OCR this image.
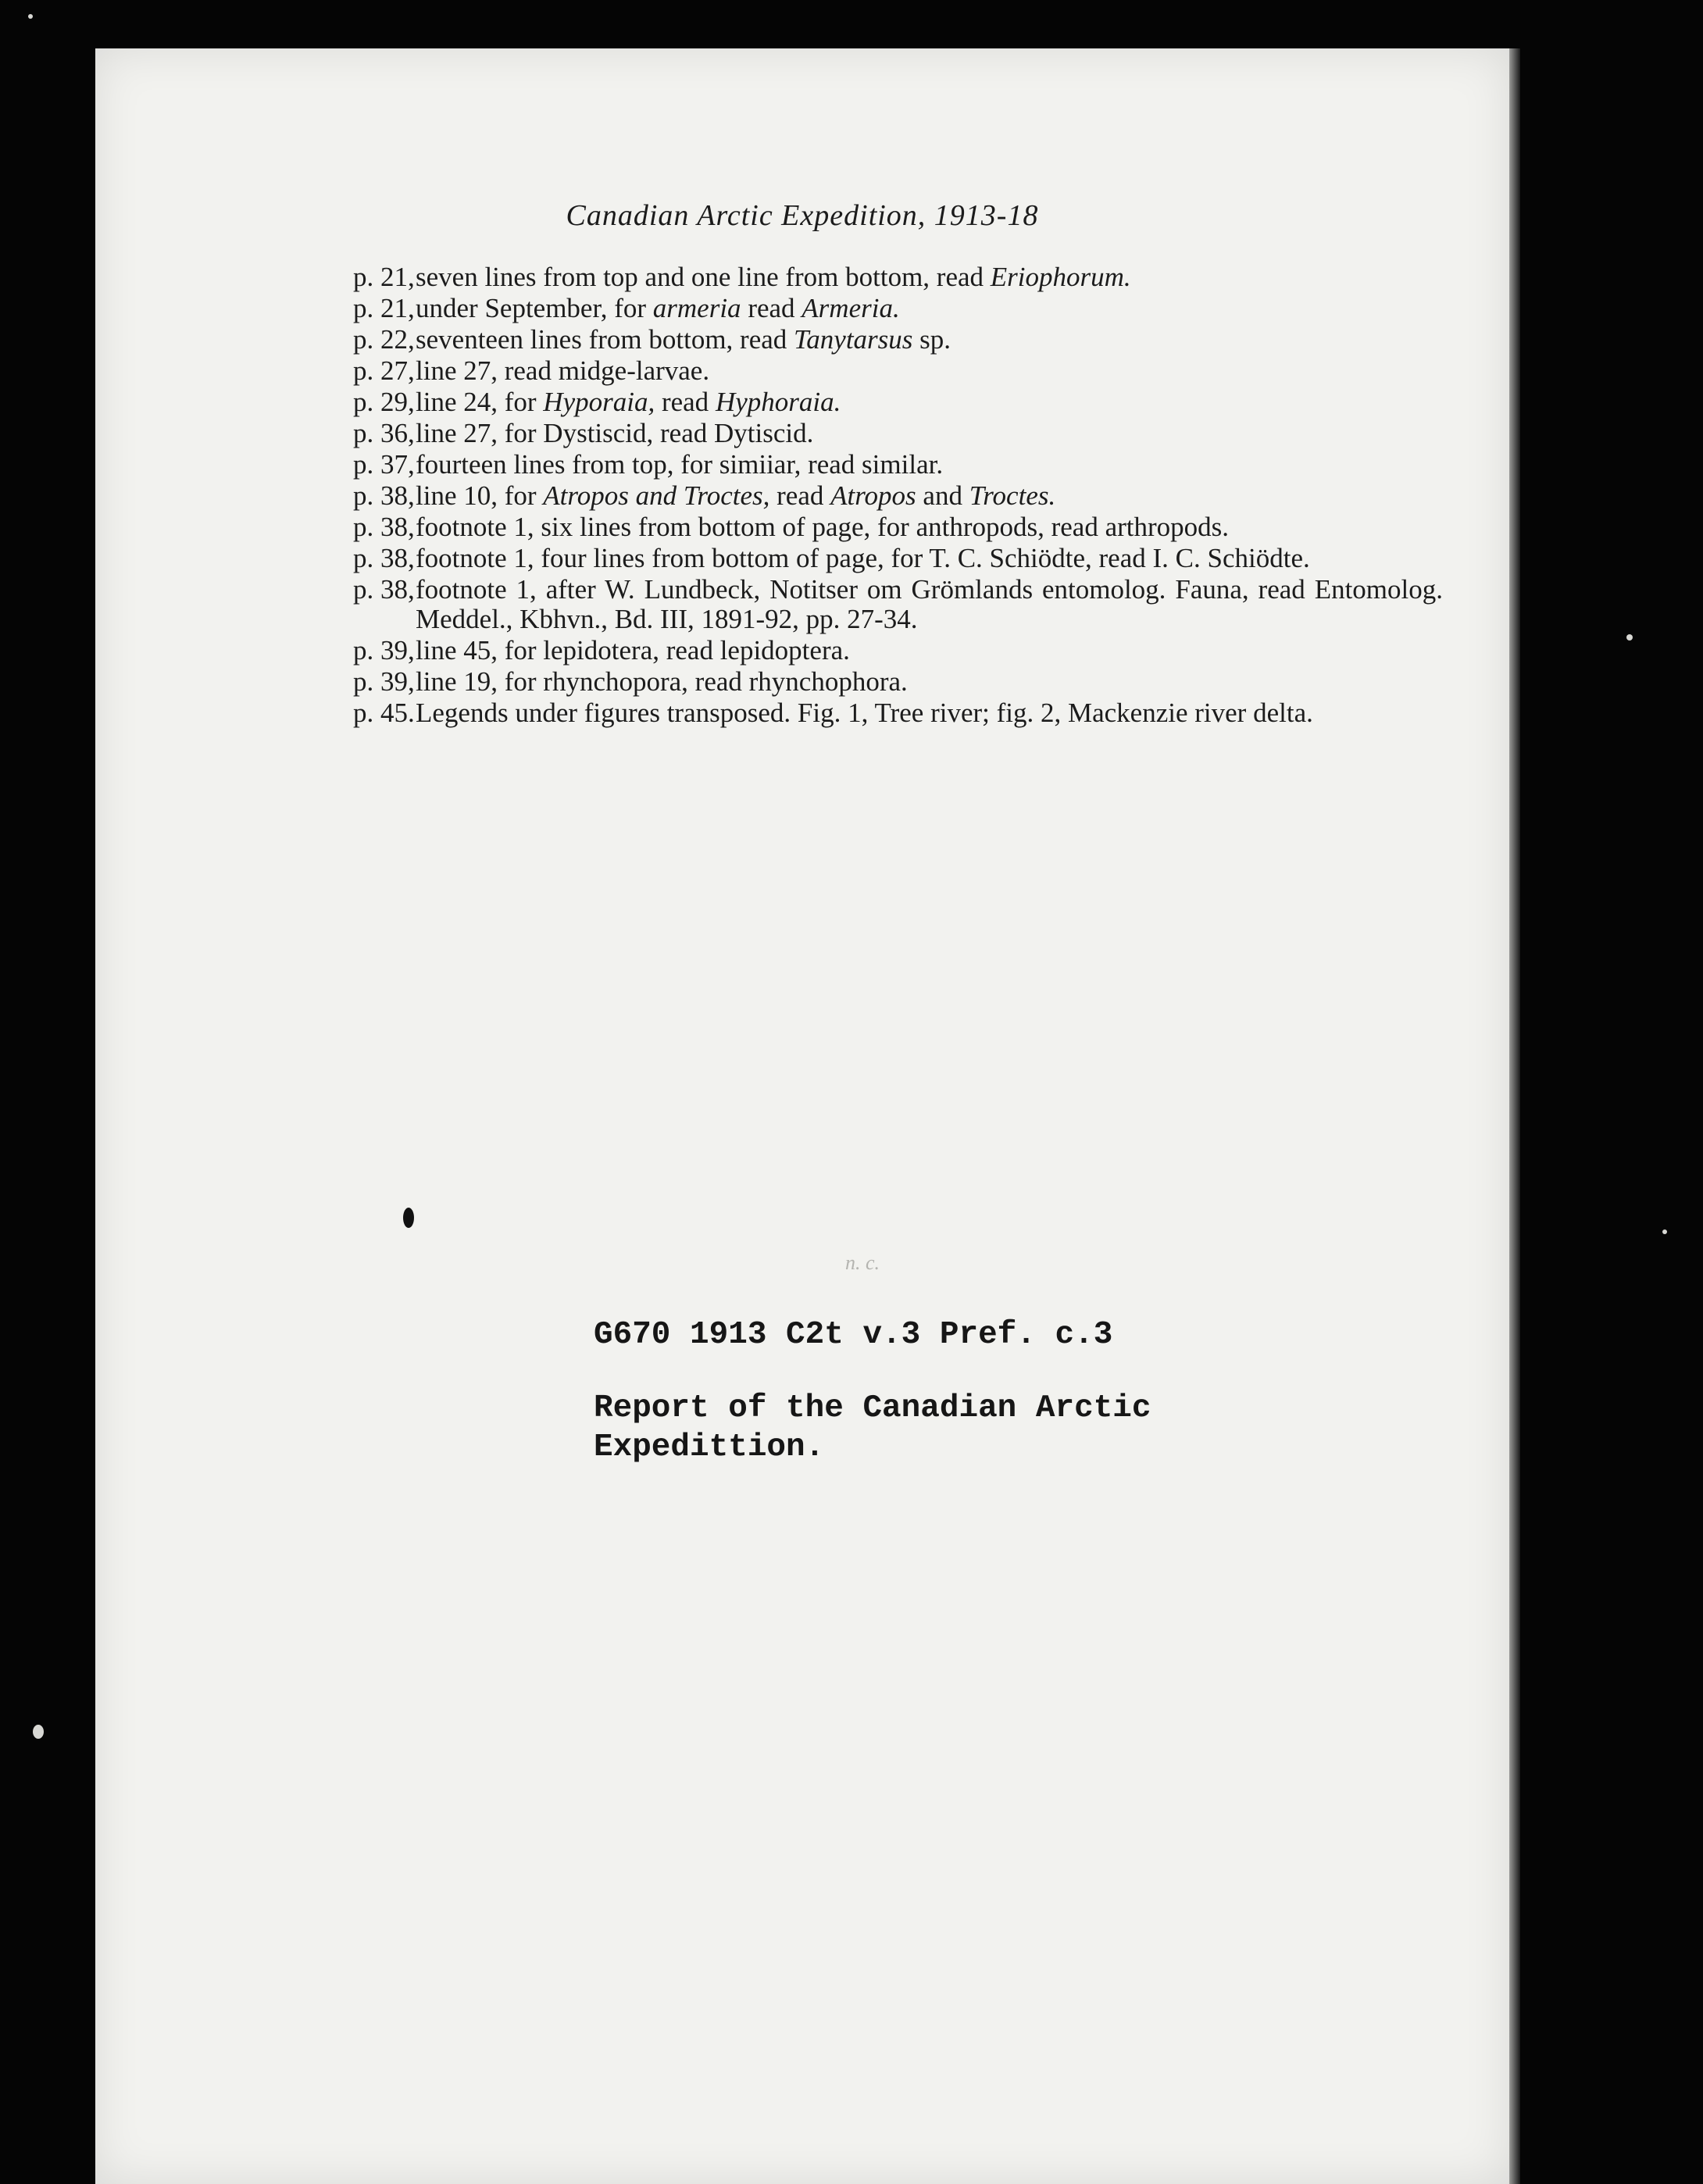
Canadian Arctic Expedition, 1913-18
p. 21, seven lines from top and one line from bottom, read Eriophorum.
p. 21, under September, for armeria read Armeria.
p. 22, seventeen lines from bottom, read Tanytarsus sp.
p. 27, line 27, read midge-larvae.
p. 29, line 24, for Hyporaia, read Hyphoraia.
p. 36, line 27, for Dystiscid, read Dytiscid.
p. 37, fourteen lines from top, for simiiar, read similar.
p. 38, line 10, for Atropos and Troctes, read Atropos and Troctes.
p. 38, footnote 1, six lines from bottom of page, for anthropods, read arthropods.
p. 38, footnote 1, four lines from bottom of page, for T. C. Schiödte, read I. C. Schiödte.
p. 38, footnote 1, after W. Lundbeck, Notitser om Grömlands entomolog. Fauna, read Entomolog. Meddel., Kbhvn., Bd. III, 1891-92, pp. 27-34.
p. 39, line 45, for lepidotera, read lepidoptera.
p. 39, line 19, for rhynchopora, read rhynchophora.
p. 45. Legends under figures transposed. Fig. 1, Tree river; fig. 2, Mackenzie river delta.
n. c.
G670 1913 C2t v.3 Pref. c.3
Report of the Canadian Arctic
Expedittion.
